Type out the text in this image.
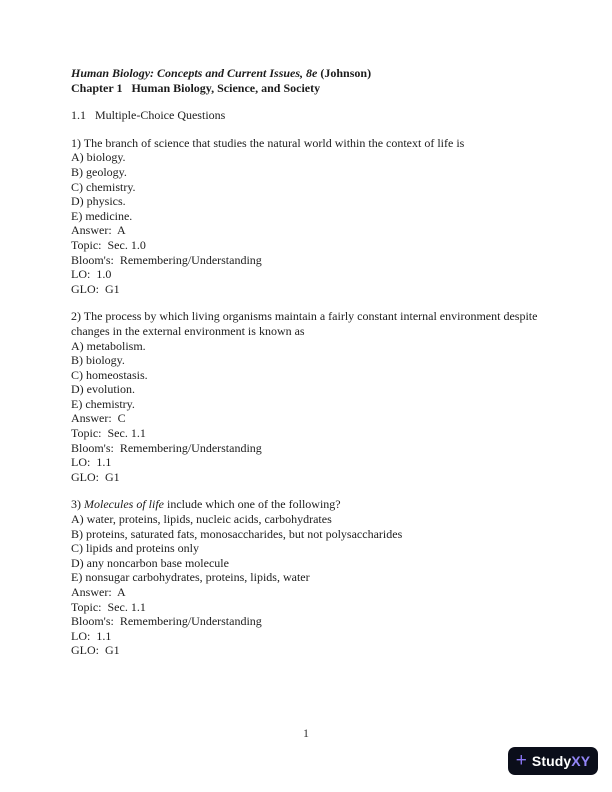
Human Biology: Concepts and Current Issues, 8e (Johnson)
Chapter 1   Human Biology, Science, and Society
1.1   Multiple-Choice Questions
1) The branch of science that studies the natural world within the context of life is
A) biology.
B) geology.
C) chemistry.
D) physics.
E) medicine.
Answer:  A
Topic:  Sec. 1.0
Bloom's:  Remembering/Understanding
LO:  1.0
GLO:  G1
2) The process by which living organisms maintain a fairly constant internal environment despite changes in the external environment is known as
A) metabolism.
B) biology.
C) homeostasis.
D) evolution.
E) chemistry.
Answer:  C
Topic:  Sec. 1.1
Bloom's:  Remembering/Understanding
LO:  1.1
GLO:  G1
3) Molecules of life include which one of the following?
A) water, proteins, lipids, nucleic acids, carbohydrates
B) proteins, saturated fats, monosaccharides, but not polysaccharides
C) lipids and proteins only
D) any noncarbon base molecule
E) nonsugar carbohydrates, proteins, lipids, water
Answer:  A
Topic:  Sec. 1.1
Bloom's:  Remembering/Understanding
LO:  1.1
GLO:  G1
1
+ StudyXY
